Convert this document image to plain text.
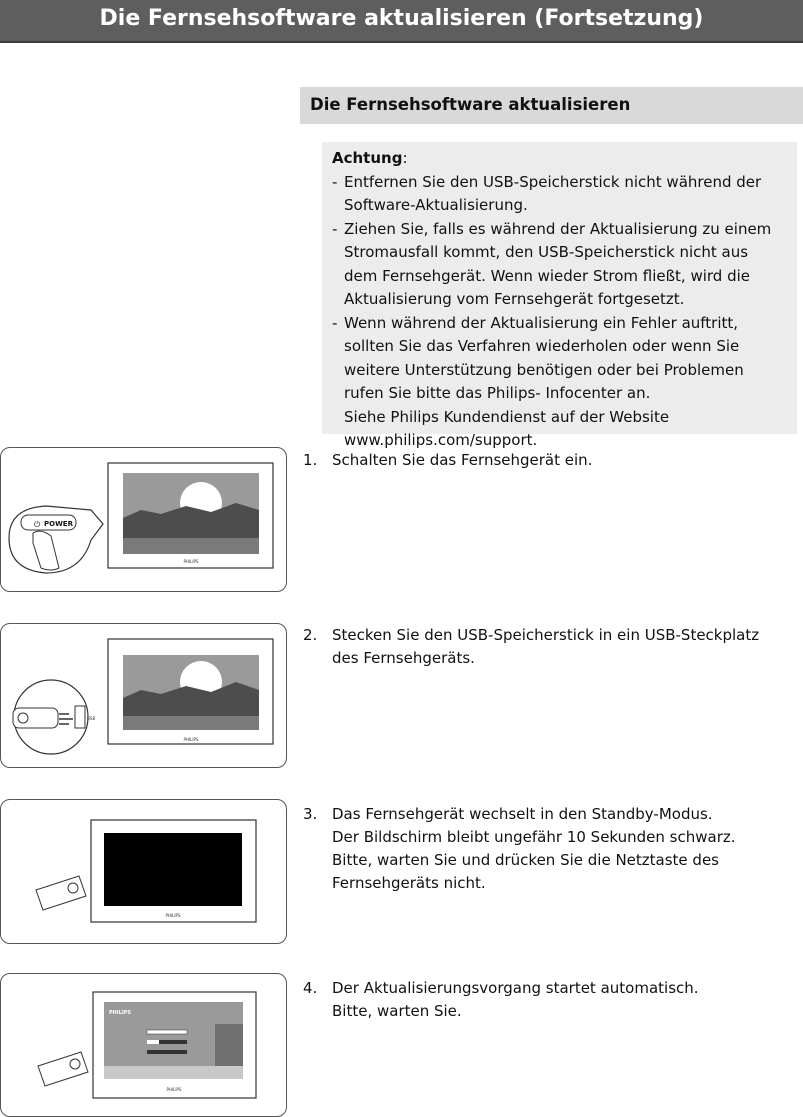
Die Fernsehsoftware aktualisieren (Fortsetzung)
Die Fernsehsoftware aktualisieren
Achtung:
- Entfernen Sie den USB-Speicherstick nicht während der
Software-Aktualisierung.
- Ziehen Sie, falls es während der Aktualisierung zu einem
Stromausfall kommt, den USB-Speicherstick nicht aus
dem Fernsehgerät. Wenn wieder Strom fließt, wird die
Aktualisierung vom Fernsehgerät fortgesetzt.
- Wenn während der Aktualisierung ein Fehler auftritt,
sollten Sie das Verfahren wiederholen oder wenn Sie
weitere Unterstützung benötigen oder bei Problemen
rufen Sie bitte das Philips- Infocenter an.
Siehe Philips Kundendienst auf der Website
www.philips.com/support.
PHILIPS
⏻ POWER
1. Schalten Sie das Fernsehgerät ein.
PHILIPS
USB
2. Stecken Sie den USB-Speicherstick in ein USB-Steckplatz
des Fernsehgeräts.
PHILIPS
3. Das Fernsehgerät wechselt in den Standby-Modus.
Der Bildschirm bleibt ungefähr 10 Sekunden schwarz.
Bitte, warten Sie und drücken Sie die Netztaste des
Fernsehgeräts nicht.
PHILIPS
PHILIPS
4. Der Aktualisierungsvorgang startet automatisch.
Bitte, warten Sie.
